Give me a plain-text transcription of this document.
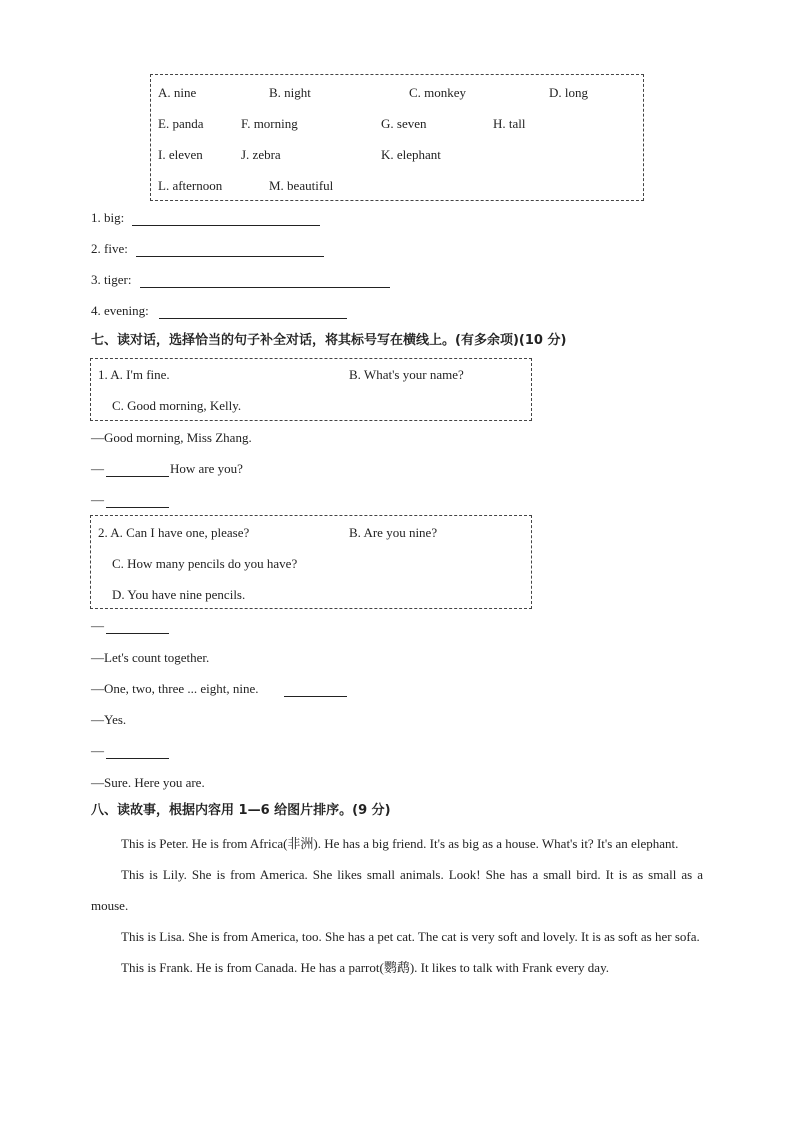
A. nine	B. night	C. monkey	D. long
E. panda	F. morning	G. seven	H. tall
I. eleven	J. zebra	K. elephant
L. afternoon	M. beautiful
1. big:
2. five:
3. tiger:
4. evening:
七、读对话，选择恰当的句子补全对话，将其标号写在横线上。(有多余项)(10 分)
1. A. I'm fine.	B. What's your name?
C. Good morning, Kelly.
—Good morning, Miss Zhang.
—	How are you?
—
2. A. Can I have one, please?	B. Are you nine?
C. How many pencils do you have?
D. You have nine pencils.
—
—Let's count together.
—One, two, three ... eight, nine.
—Yes.
—
—Sure. Here you are.
八、读故事，根据内容用 1—6 给图片排序。(9 分)

This is Peter. He is from Africa(非洲). He has a big friend. It's as big as a house. What's it? It's an elephant.

This is Lily. She is from America. She likes small animals. Look! She has a small bird. It is as small as a mouse.

This is Lisa. She is from America, too. She has a pet cat. The cat is very soft and lovely. It is as soft as her sofa.

This is Frank. He is from Canada. He has a parrot(鹦鹉). It likes to talk with Frank every day.
